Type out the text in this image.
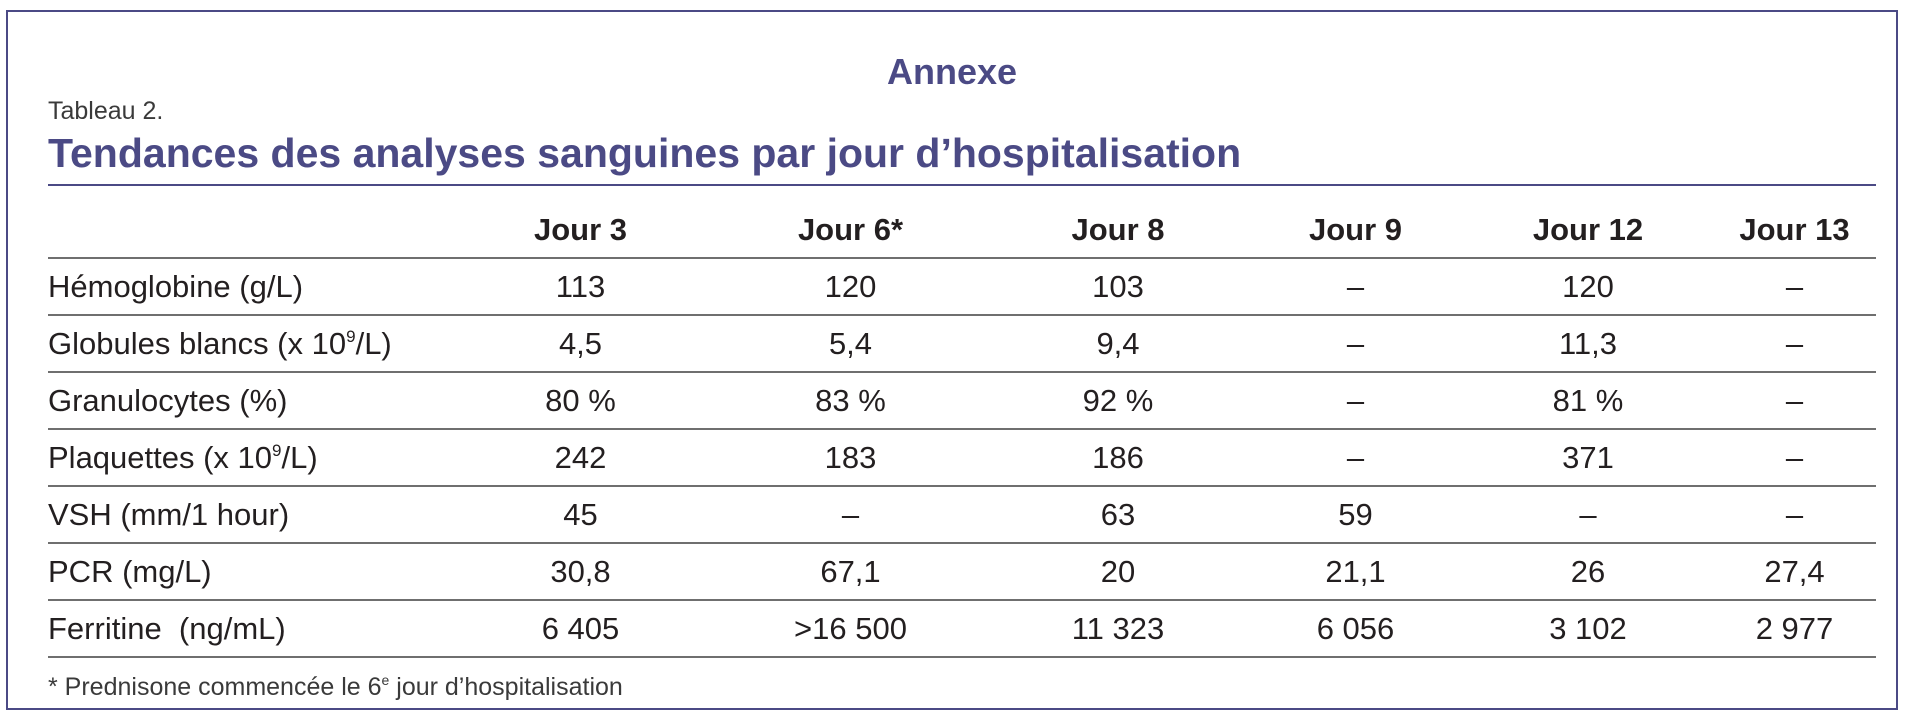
Annexe
Tableau 2.
Tendances des analyses sanguines par jour d’hospitalisation
	Jour 3	Jour 6*	Jour 8	Jour 9	Jour 12	Jour 13
Hémoglobine (g/L)	113	120	103	–	120	–
Globules blancs (x $10^9/L$)	4,5	5,4	9,4	–	11,3	–
Granulocytes (%)	80 %	83 %	92 %	–	81 %	–
Plaquettes (x $10^9/L$)	242	183	186	–	371	–
VSH (mm/1 hour)	45	–	63	59	–	–
PCR (mg/L)	30,8	67,1	20	21,1	26	27,4
Ferritine  (ng/mL)	6 405	>16 500	11 323	6 056	3 102	2 977
* Prednisone commencée le 6e jour d’hospitalisation
